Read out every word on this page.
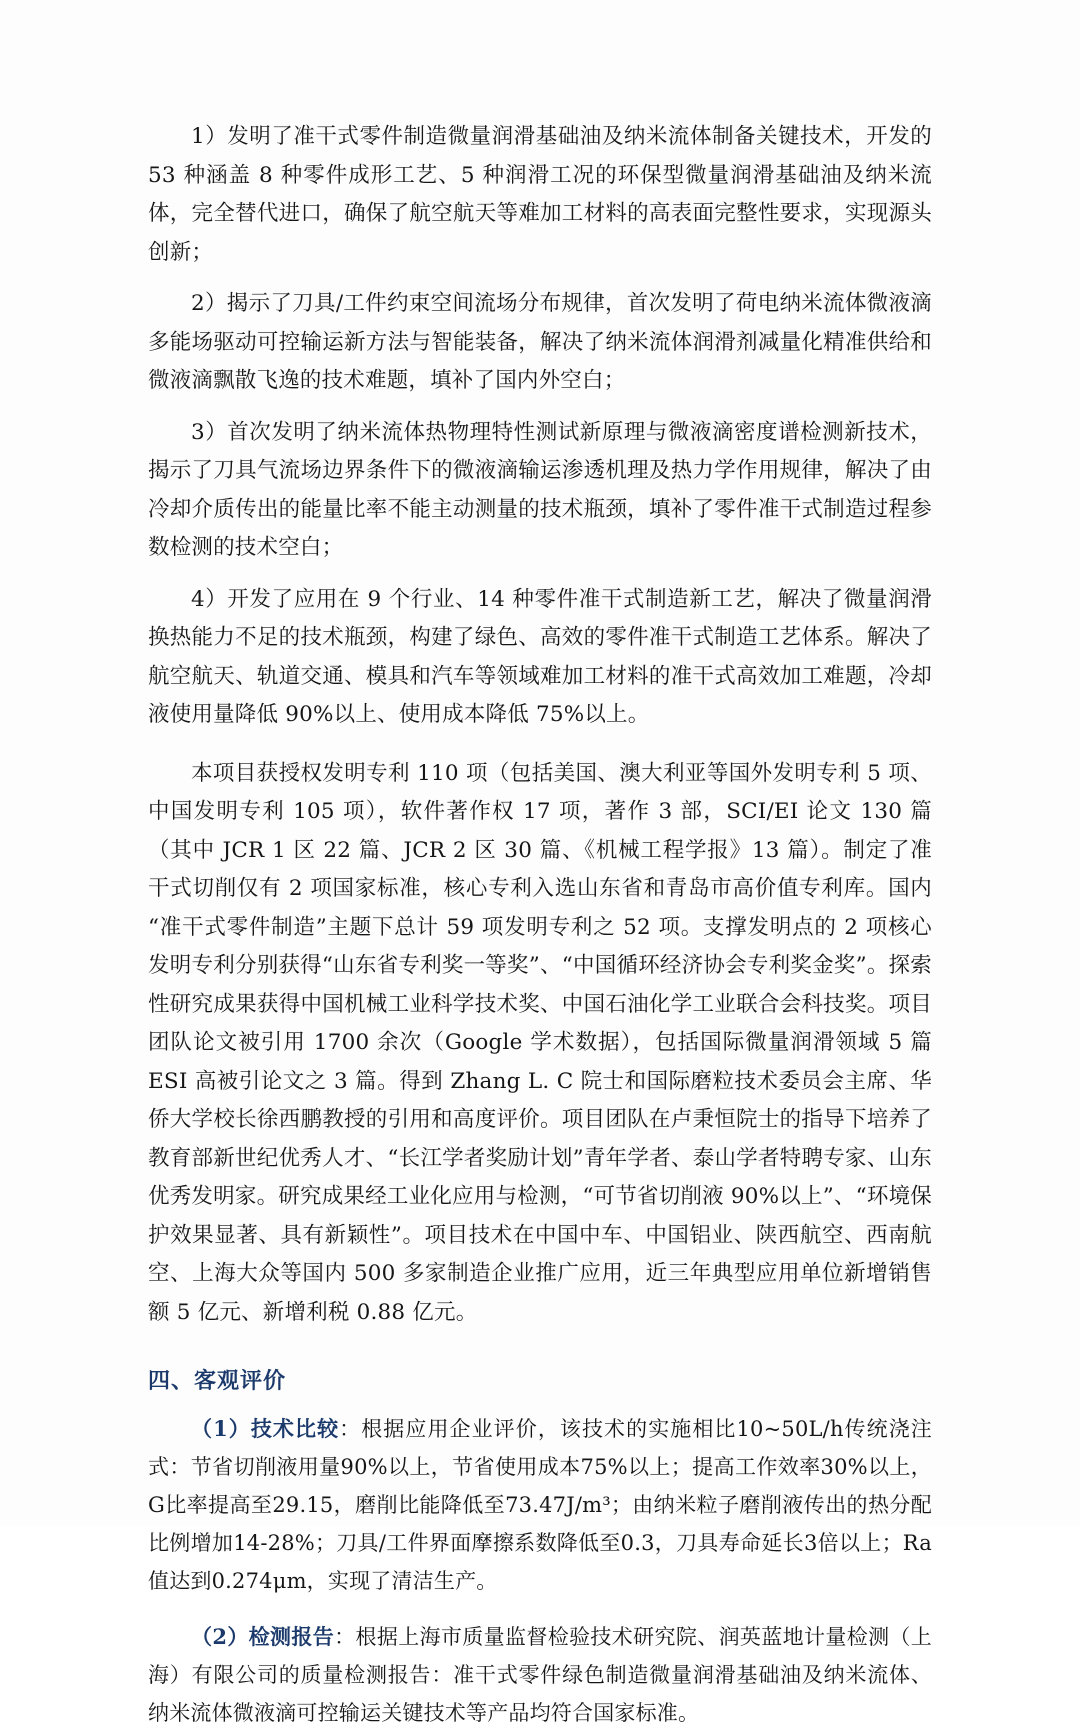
1）发明了准干式零件制造微量润滑基础油及纳米流体制备关键技术，开发的 53 种涵盖 8 种零件成形工艺、5 种润滑工况的环保型微量润滑基础油及纳米流体，完全替代进口，确保了航空航天等难加工材料的高表面完整性要求，实现源头创新；

2）揭示了刀具/工件约束空间流场分布规律，首次发明了荷电纳米流体微液滴多能场驱动可控输运新方法与智能装备，解决了纳米流体润滑剂减量化精准供给和微液滴飘散飞逸的技术难题，填补了国内外空白；

3）首次发明了纳米流体热物理特性测试新原理与微液滴密度谱检测新技术，揭示了刀具气流场边界条件下的微液滴输运渗透机理及热力学作用规律，解决了由冷却介质传出的能量比率不能主动测量的技术瓶颈，填补了零件准干式制造过程参数检测的技术空白；

4）开发了应用在 9 个行业、14 种零件准干式制造新工艺，解决了微量润滑换热能力不足的技术瓶颈，构建了绿色、高效的零件准干式制造工艺体系。解决了航空航天、轨道交通、模具和汽车等领域难加工材料的准干式高效加工难题，冷却液使用量降低 90%以上、使用成本降低 75%以上。

本项目获授权发明专利 110 项（包括美国、澳大利亚等国外发明专利 5 项、中国发明专利 105 项），软件著作权 17 项，著作 3 部，SCI/EI 论文 130 篇（其中 JCR 1 区 22 篇、JCR 2 区 30 篇、《机械工程学报》13 篇）。制定了准干式切削仅有 2 项国家标准，核心专利入选山东省和青岛市高价值专利库。国内“准干式零件制造”主题下总计 59 项发明专利之 52 项。支撑发明点的 2 项核心发明专利分别获得“山东省专利奖一等奖”、“中国循环经济协会专利奖金奖”。探索性研究成果获得中国机械工业科学技术奖、中国石油化学工业联合会科技奖。项目团队论文被引用 1700 余次（Google 学术数据），包括国际微量润滑领域 5 篇 ESI 高被引论文之 3 篇。得到 Zhang L. C 院士和国际磨粒技术委员会主席、华侨大学校长徐西鹏教授的引用和高度评价。项目团队在卢秉恒院士的指导下培养了教育部新世纪优秀人才、“长江学者奖励计划”青年学者、泰山学者特聘专家、山东优秀发明家。研究成果经工业化应用与检测，“可节省切削液 90%以上”、“环境保护效果显著、具有新颖性”。项目技术在中国中车、中国铝业、陕西航空、西南航空、上海大众等国内 500 多家制造企业推广应用，近三年典型应用单位新增销售额 5 亿元、新增利税 0.88 亿元。

四、客观评价

（1）技术比较：根据应用企业评价，该技术的实施相比10~50L/h传统浇注式：节省切削液用量90%以上，节省使用成本75%以上；提高工作效率30%以上，G比率提高至29.15，磨削比能降低至73.47J/m³；由纳米粒子磨削液传出的热分配比例增加14-28%；刀具/工件界面摩擦系数降低至0.3，刀具寿命延长3倍以上；Ra值达到0.274μm，实现了清洁生产。

（2）检测报告：根据上海市质量监督检验技术研究院、润英蓝地计量检测（上海）有限公司的质量检测报告：准干式零件绿色制造微量润滑基础油及纳米流体、纳米流体微液滴可控输运关键技术等产品均符合国家标准。
